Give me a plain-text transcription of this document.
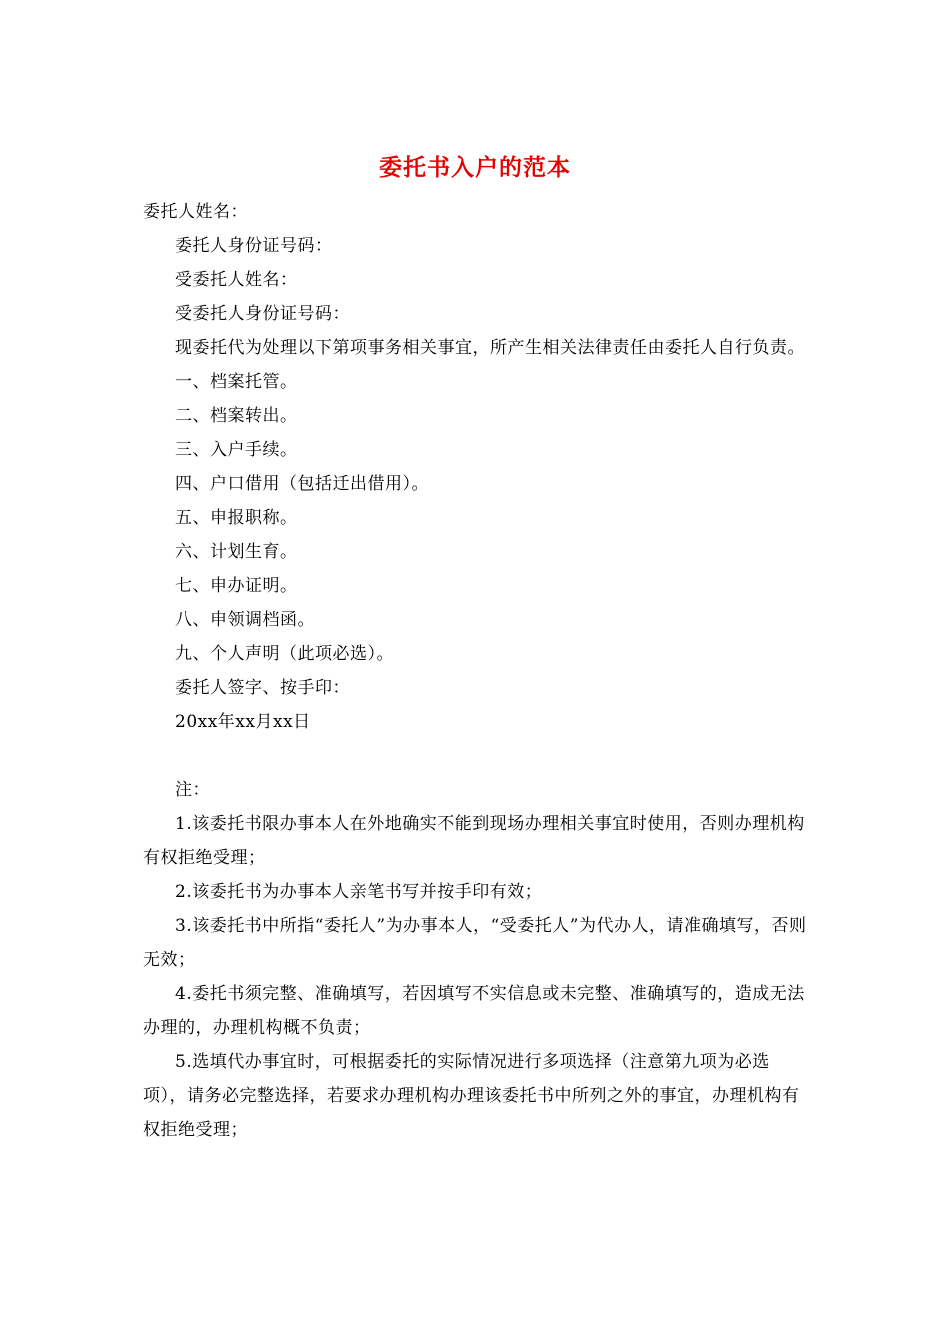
委托书入户的范本

委托人姓名：

委托人身份证号码：

受委托人姓名：

受委托人身份证号码：

现委托代为处理以下第项事务相关事宜，所产生相关法律责任由委托人自行负责。

一、档案托管。

二、档案转出。

三、入户手续。

四、户口借用（包括迁出借用）。

五、申报职称。

六、计划生育。

七、申办证明。

八、申领调档函。

九、个人声明（此项必选）。

委托人签字、按手印：

20xx年xx月xx日

注：

1.该委托书限办事本人在外地确实不能到现场办理相关事宜时使用，否则办理机构有权拒绝受理；

2.该委托书为办事本人亲笔书写并按手印有效；

3.该委托书中所指“委托人”为办事本人，“受委托人”为代办人，请准确填写，否则无效；

4.委托书须完整、准确填写，若因填写不实信息或未完整、准确填写的，造成无法办理的，办理机构概不负责；

5.选填代办事宜时，可根据委托的实际情况进行多项选择（注意第九项为必选项），请务必完整选择，若要求办理机构办理该委托书中所列之外的事宜，办理机构有权拒绝受理；
